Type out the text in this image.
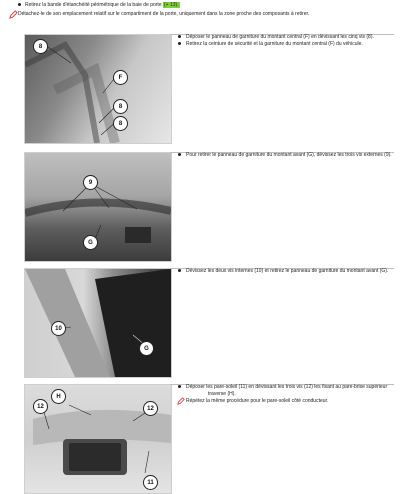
Retirez la bande d'étanchéité périmétrique de la baie de porte (+ 13).
Détachez-le de son emplacement relatif sur le compartiment de la porte, uniquement dans la zone proche des composants à retirer.
8
F
8
8
Déposer le panneau de garniture du montant central (F) en dévissant les cinq vis (8).
Retirez la ceinture de sécurité et la garniture du montant central (F) du véhicule.
9
G
Pour retirer le panneau de garniture du montant avant (G), dévissez les trois vis externes (9).
10
G
Dévissez les deux vis internes (10) et retirez le panneau de garniture du montant avant (G).
H
12	12
11
Déposer les pare-soleil (11) en dévissant les trois vis (12) les fixant au pare-brise supérieur
traverse (H).
Répétez la même procédure pour le pare-soleil côté conducteur.
